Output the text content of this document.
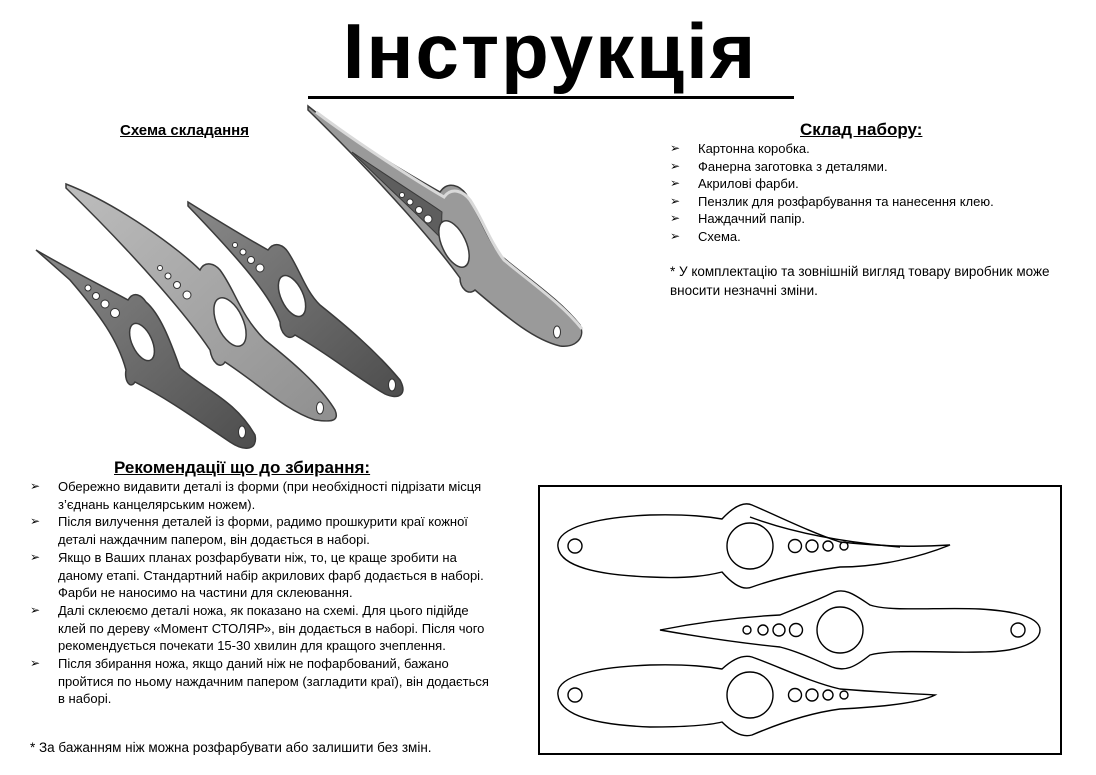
Інструкція
Схема складання	Склад набору:
➢ Картонна коробка.
➢ Фанерна заготовка з деталями.
➢ Акрилові фарби.
➢ Пензлик для розфарбування та нанесення клею.
➢ Наждачний папір.
➢ Схема.
* У комплектацію та зовнішній вигляд товару виробник може вносити незначні зміни.
Рекомендації що до збирання:
➢ Обережно видавити деталі із форми (при необхідності підрізати місця з’єднань канцелярським ножем).
➢ Після вилучення деталей із форми, радимо прошкурити краї кожної деталі наждачним папером, він додається в наборі.
➢ Якщо в Ваших планах розфарбувати ніж, то, це краще зробити на даному етапі. Стандартний набір акрилових фарб додається в наборі. Фарби не наносимо на частини для склеювання.
➢ Далі склеюємо деталі ножа, як показано на схемі. Для цього підійде клей по дереву «Момент СТОЛЯР», він додається в наборі. Після чого рекомендується почекати 15-30 хвилин для кращого зчеплення.
➢ Після збирання ножа, якщо даний ніж не пофарбований, бажано пройтися по ньому наждачним папером (загладити краї), він додається в наборі.
* За бажанням ніж можна розфарбувати або залишити без змін.
